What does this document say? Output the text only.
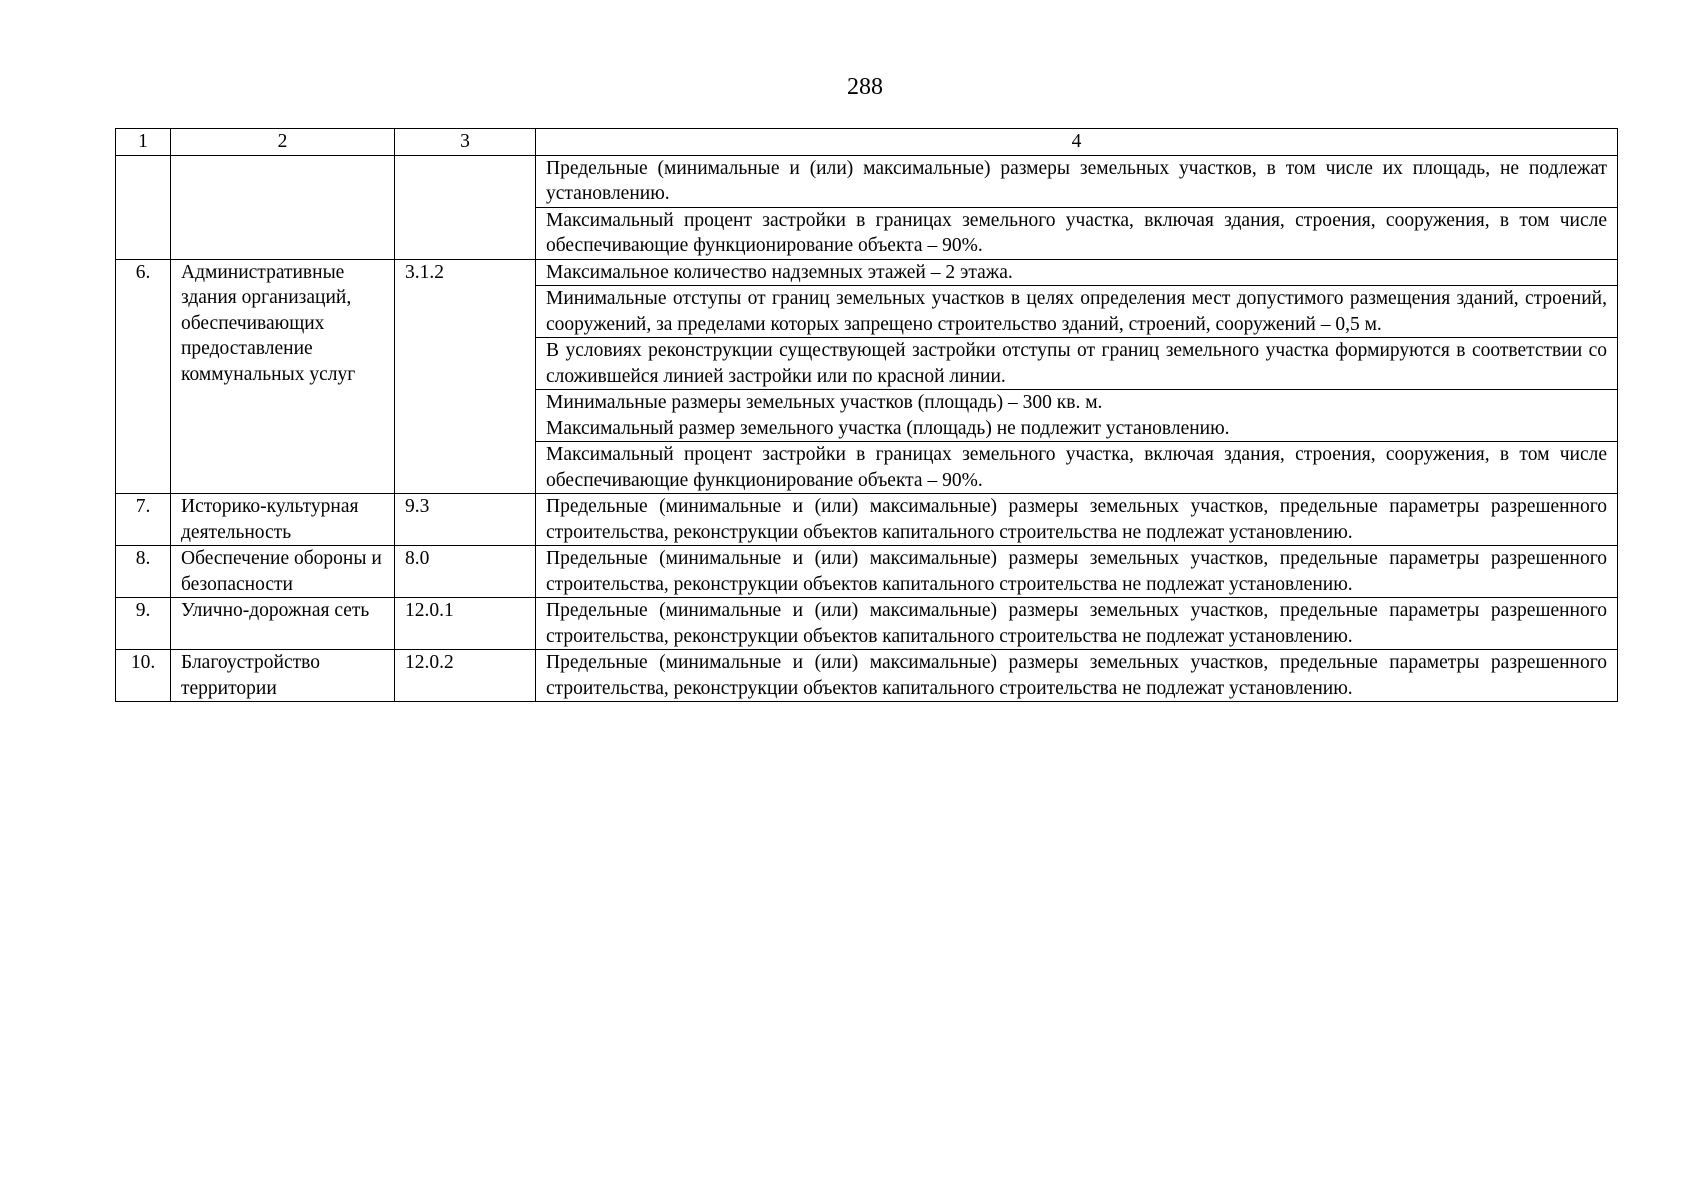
288
1	2	3	4
			Предельные (минимальные и (или) максимальные) размеры земельных участков, в том числе их площадь, не подлежат установлению.
			Максимальный процент застройки в границах земельного участка, включая здания, строения, сооружения, в том числе обеспечивающие функционирование объекта – 90%.
6.	Административные здания организаций, обеспечивающих предоставление коммунальных услуг	3.1.2	Максимальное количество надземных этажей – 2 этажа.
			Минимальные отступы от границ земельных участков в целях определения мест допустимого размещения зданий, строений, сооружений, за пределами которых запрещено строительство зданий, строений, сооружений – 0,5 м.
			В условиях реконструкции существующей застройки отступы от границ земельного участка формируются в соответствии со сложившейся линией застройки или по красной линии.

			Минимальные размеры земельных участков (площадь) – 300 кв. м.

Максимальный размер земельного участка (площадь) не подлежит установлению.

			Максимальный процент застройки в границах земельного участка, включая здания, строения, сооружения, в том числе обеспечивающие функционирование объекта – 90%.
7.	Историко-культурная деятельность	9.3	Предельные (минимальные и (или) максимальные) размеры земельных участков, предельные параметры разрешенного строительства, реконструкции объектов капитального строительства не подлежат установлению.
8.	Обеспечение обороны и безопасности	8.0	Предельные (минимальные и (или) максимальные) размеры земельных участков, предельные параметры разрешенного строительства, реконструкции объектов капитального строительства не подлежат установлению.
9.	Улично-дорожная сеть	12.0.1	Предельные (минимальные и (или) максимальные) размеры земельных участков, предельные параметры разрешенного строительства, реконструкции объектов капитального строительства не подлежат установлению.
10.	Благоустройство территории	12.0.2	Предельные (минимальные и (или) максимальные) размеры земельных участков, предельные параметры разрешенного строительства, реконструкции объектов капитального строительства не подлежат установлению.
